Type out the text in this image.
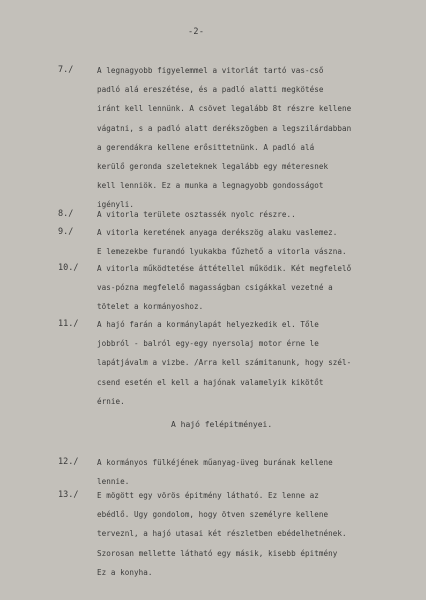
-2-
7./	A legnagyobb figyelemmel a vitorlát tartó vas-cső
padló alá ereszétése, és a padló alatti megkötése
iránt kell lennünk. A csövet legalább 8t részre kellene
vágatni, s a padló alatt derékszögben a legszilárdabban
a gerendákra kellene erősittetnünk. A padló alá
kerülő geronda szeleteknek legalább egy méteresnek
kell lenniök. Ez a munka a legnagyobb gondosságot
igényli.
8./	A vitorla területe osztassék nyolc részre..
9./	A vitorla keretének anyaga derékszög alaku vaslemez.
E lemezekbe furandó lyukakba fűzhető a vitorla vászna.
10./	A vitorla működtetése áttétellel működik. Két megfelelő
vas-pózna megfelelő magasságban csigákkal vezetné a
tötelet a kormányoshoz.
11./	A hajó farán a kormánylapát helyezkedik el. Tőle
jobbról - balról egy-egy nyersolaj motor érne le
lapátjávalm a vizbe. /Arra kell számitanunk, hogy szél-
csend esetén el kell a hajónak valamelyik kikötőt
érnie.
12./	A kormányos fülkéjének műanyag-üveg burának kellene
lennie.
13./	E mögött egy vörös épitmény látható. Ez lenne az
ebédlő. Ugy gondolom, hogy ötven személyre kellene
terveznl, a hajó utasai két részletben ebédelhetnének.
Szorosan mellette látható egy másik, kisebb épitmény
Ez a konyha.
A hajó felépitményei.
